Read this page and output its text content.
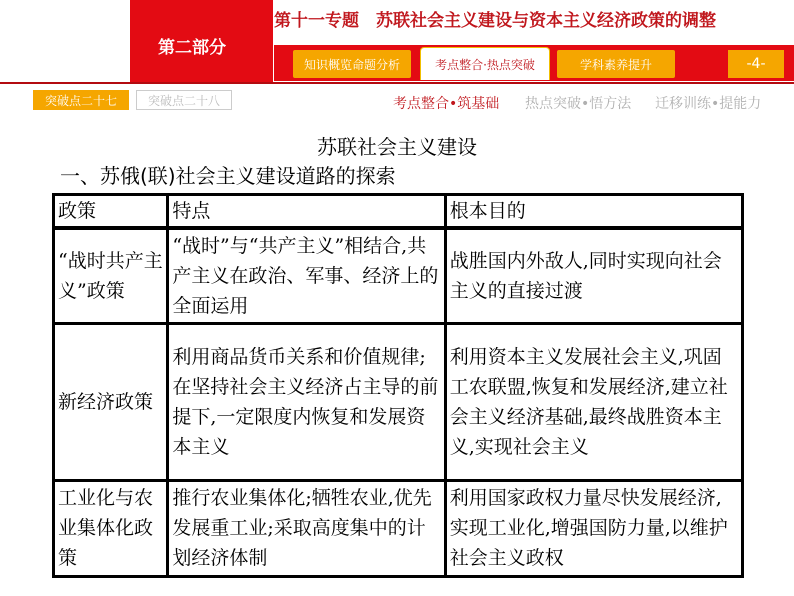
第二部分
第十一专题　苏联社会主义建设与资本主义经济政策的调整
知识概览命题分析	考点整合·热点突破	学科素养提升	-4-
突破点二十七	突破点二十八	考点整合•筑基础 热点突破•悟方法 迁移训练•提能力
苏联社会主义建设
一、苏俄(联)社会主义建设道路的探索
政策	特点	根本目的
“战时共产主义”政策	“战时”与“共产主义”相结合,共产主义在政治、军事、经济上的全面运用	战胜国内外敌人,同时实现向社会主义的直接过渡
新经济政策	利用商品货币关系和价值规律;在坚持社会主义经济占主导的前提下,一定限度内恢复和发展资本主义	利用资本主义发展社会主义,巩固工农联盟,恢复和发展经济,建立社会主义经济基础,最终战胜资本主义,实现社会主义
工业化与农业集体化政策	推行农业集体化;牺牲农业,优先发展重工业;采取高度集中的计划经济体制	利用国家政权力量尽快发展经济,实现工业化,增强国防力量,以维护社会主义政权
